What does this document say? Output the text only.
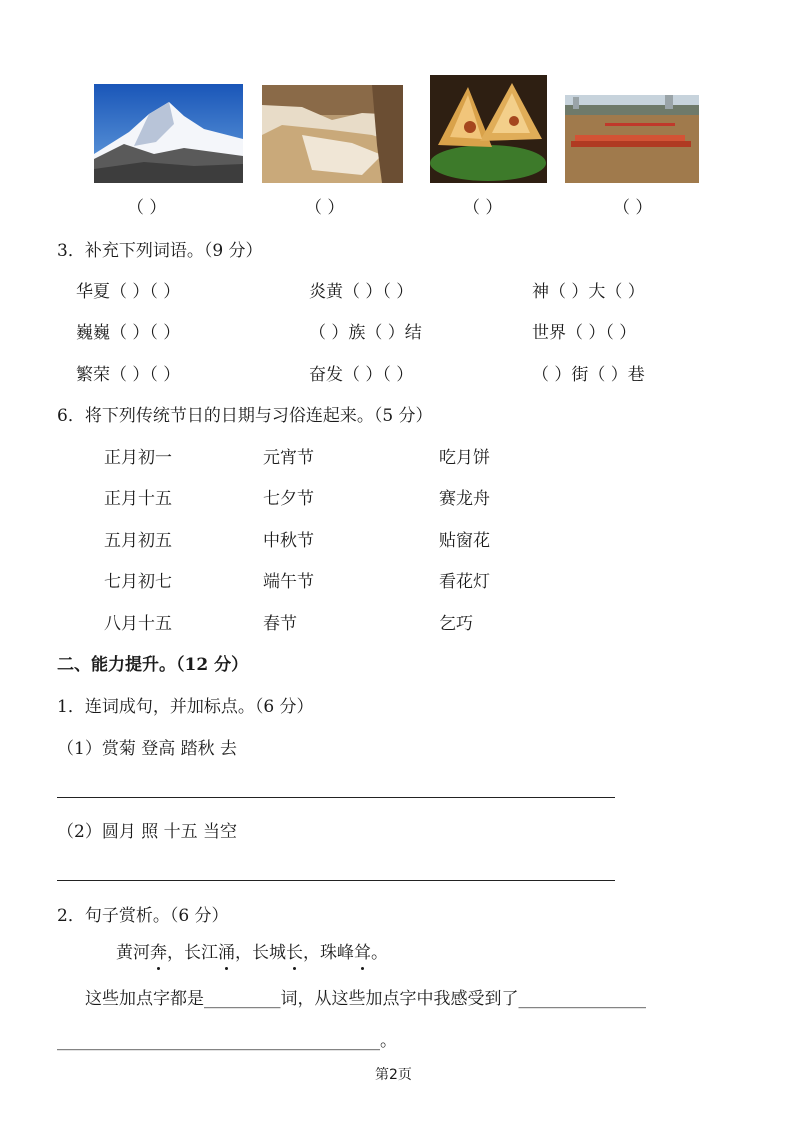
（ ）	（ ）	（ ）	（ ）
3．补充下列词语。（9 分）
华夏（ ）（ ）	炎黄（ ）（ ）	神（ ）大（ ）
巍巍（ ）（ ）	（ ）族（ ）结	世界（ ）（ ）
繁荣（ ）（ ）	奋发（ ）（ ）	（ ）街（ ）巷
6．将下列传统节日的日期与习俗连起来。（5 分）
正月初一	元宵节	吃月饼
正月十五	七夕节	赛龙舟
五月初五	中秋节	贴窗花
七月初七	端午节	看花灯
八月十五	春节	乞巧
二、能力提升。（12 分）
1．连词成句，并加标点。（6 分）
（1）赏菊 登高 踏秋 去
（2）圆月 照 十五 当空
2．句子赏析。（6 分）
黄河奔，长江涌，长城长，珠峰耸。
这些加点字都是_________词，从这些加点字中我感受到了_______________
______________________________________。
第2页
